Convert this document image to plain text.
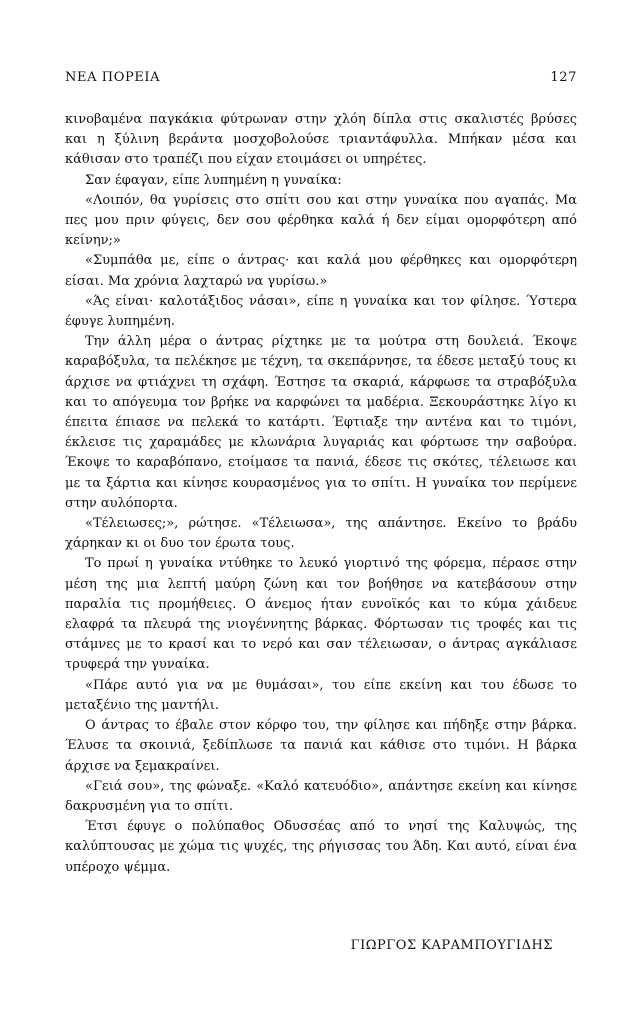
ΝΕΑ ΠΟΡΕΙΑ	127

κινοβαμένα παγκάκια φύτρωναν στην χλόη δίπλα στις σκαλιστές βρύσες και η ξύλινη βεράντα μοσχοβολούσε τριαντάφυλλα. Μπήκαν μέσα και κάθισαν στο τραπέζι που είχαν ετοιμάσει οι υπηρέτες.

Σαν έφαγαν, είπε λυπημένη η γυναίκα:

«Λοιπόν, θα γυρίσεις στο σπίτι σου και στην γυναίκα που αγαπάς. Μα πες μου πριν φύγεις, δεν σου φέρθηκα καλά ή δεν είμαι ομορφότερη από κείνην;»

«Συμπάθα με, είπε ο άντρας· και καλά μου φέρθηκες και ομορφότερη είσαι. Μα χρόνια λαχταρώ να γυρίσω.»

«Άς είναι· καλοτάξιδος νάσαι», είπε η γυναίκα και τον φίλησε. Ύστερα έφυγε λυπημένη.

Την άλλη μέρα ο άντρας ρίχτηκε με τα μούτρα στη δουλειά. Έκοψε καραβόξυλα, τα πελέκησε με τέχνη, τα σκεπάρνησε, τα έδεσε μεταξύ τους κι άρχισε να φτιάχνει τη σχάφη. Έστησε τα σκαριά, κάρφωσε τα στραβόξυλα και το απόγευμα τον βρήκε να καρφώνει τα μαδέρια. Ξεκουράστηκε λίγο κι έπειτα έπιασε να πελεκά το κατάρτι. Έφτιαξε την αντένα και το τιμόνι, έκλεισε τις χαραμάδες με κλωνάρια λυγαριάς και φόρτωσε την σαβούρα. Έκοψε το καραβόπανο, ετοίμασε τα πανιά, έδεσε τις σκότες, τέλειωσε και με τα ξάρτια και κίνησε κουρασμένος για το σπίτι. Η γυναίκα τον περίμενε στην αυλόπορτα.

«Τέλειωσες;», ρώτησε. «Τέλειωσα», της απάντησε. Εκείνο το βράδυ χάρηκαν κι οι δυο τον έρωτα τους.

Το πρωί η γυναίκα ντύθηκε το λευκό γιορτινό της φόρεμα, πέρασε στην μέση της μια λεπτή μαύρη ζώνη και τον βοήθησε να κατεβάσουν στην παραλία τις προμήθειες. Ο άνεμος ήταν ευνοϊκός και το κύμα χάιδευε ελαφρά τα πλευρά της νιογέννητης βάρκας. Φόρτωσαν τις τροφές και τις στάμνες με το κρασί και το νερό και σαν τέλειωσαν, ο άντρας αγκάλιασε τρυφερά την γυναίκα.

«Πάρε αυτό για να με θυμάσαι», του είπε εκείνη και του έδωσε το μεταξένιο της μαντήλι.

Ο άντρας το έβαλε στον κόρφο του, την φίλησε και πήδηξε στην βάρκα. Έλυσε τα σκοινιά, ξεδίπλωσε τα πανιά και κάθισε στο τιμόνι. Η βάρκα άρχισε να ξεμακραίνει.

«Γειά σου», της φώναξε. «Καλό κατευόδιο», απάντησε εκείνη και κίνησε δακρυσμένη για το σπίτι.

Έτσι έφυγε ο πολύπαθος Οδυσσέας από το νησί της Καλυψώς, της καλύπτουσας με χώμα τις ψυχές, της ρήγισσας του Άδη. Και αυτό, είναι ένα υπέροχο ψέμμα.

ΓΙΩΡΓΟΣ ΚΑΡΑΜΠΟΥΓΙΔΗΣ
